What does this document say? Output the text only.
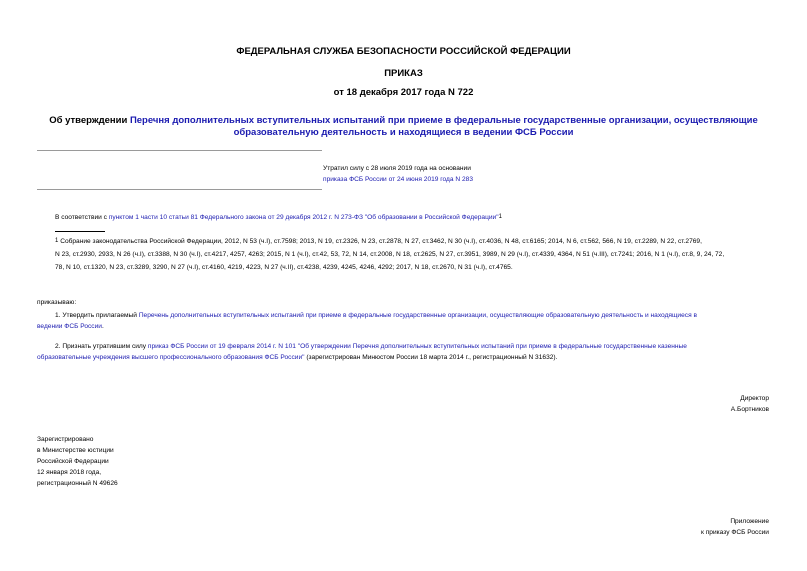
ФЕДЕРАЛЬНАЯ СЛУЖБА БЕЗОПАСНОСТИ РОССИЙСКОЙ ФЕДЕРАЦИИ
ПРИКАЗ
от 18 декабря 2017 года N 722
Об утверждении Перечня дополнительных вступительных испытаний при приеме в федеральные государственные организации, осуществляющие
образовательную деятельность и находящиеся в ведении ФСБ России
Утратил силу с 28 июля 2019 года на основании
приказа ФСБ России от 24 июня 2019 года N 283
В соответствии с пунктом 1 части 10 статьи 81 Федерального закона от 29 декабря 2012 г. N 273-ФЗ "Об образовании в Российской Федерации"1
1 Собрание законодательства Российской Федерации, 2012, N 53 (ч.I), ст.7598; 2013, N 19, ст.2326, N 23, ст.2878, N 27, ст.3462, N 30 (ч.I), ст.4036, N 48, ст.6165; 2014, N 6, ст.562, 566, N 19, ст.2289, N 22, ст.2769,
N 23, ст.2930, 2933, N 26 (ч.I), ст.3388, N 30 (ч.I), ст.4217, 4257, 4263; 2015, N 1 (ч.I), ст.42, 53, 72, N 14, ст.2008, N 18, ст.2625, N 27, ст.3951, 3989, N 29 (ч.I), ст.4339, 4364, N 51 (ч.III), ст.7241; 2016, N 1 (ч.I), ст.8, 9, 24, 72,
78, N 10, ст.1320, N 23, ст.3289, 3290, N 27 (ч.I), ст.4160, 4219, 4223, N 27 (ч.II), ст.4238, 4239, 4245, 4246, 4292; 2017, N 18, ст.2670, N 31 (ч.I), ст.4765.
приказываю:
1. Утвердить прилагаемый Перечень дополнительных вступительных испытаний при приеме в федеральные государственные организации, осуществляющие образовательную деятельность и находящиеся в
ведении ФСБ России.
2. Признать утратившим силу приказ ФСБ России от 19 февраля 2014 г. N 101 "Об утверждении Перечня дополнительных вступительных испытаний при приеме в федеральные государственные казенные
образовательные учреждения высшего профессионального образования ФСБ России" (зарегистрирован Минюстом России 18 марта 2014 г., регистрационный N 31632).
Директор
А.Бортников
Зарегистрировано
в Министерстве юстиции
Российской Федерации
12 января 2018 года,
регистрационный N 49626
Приложение
к приказу ФСБ России
